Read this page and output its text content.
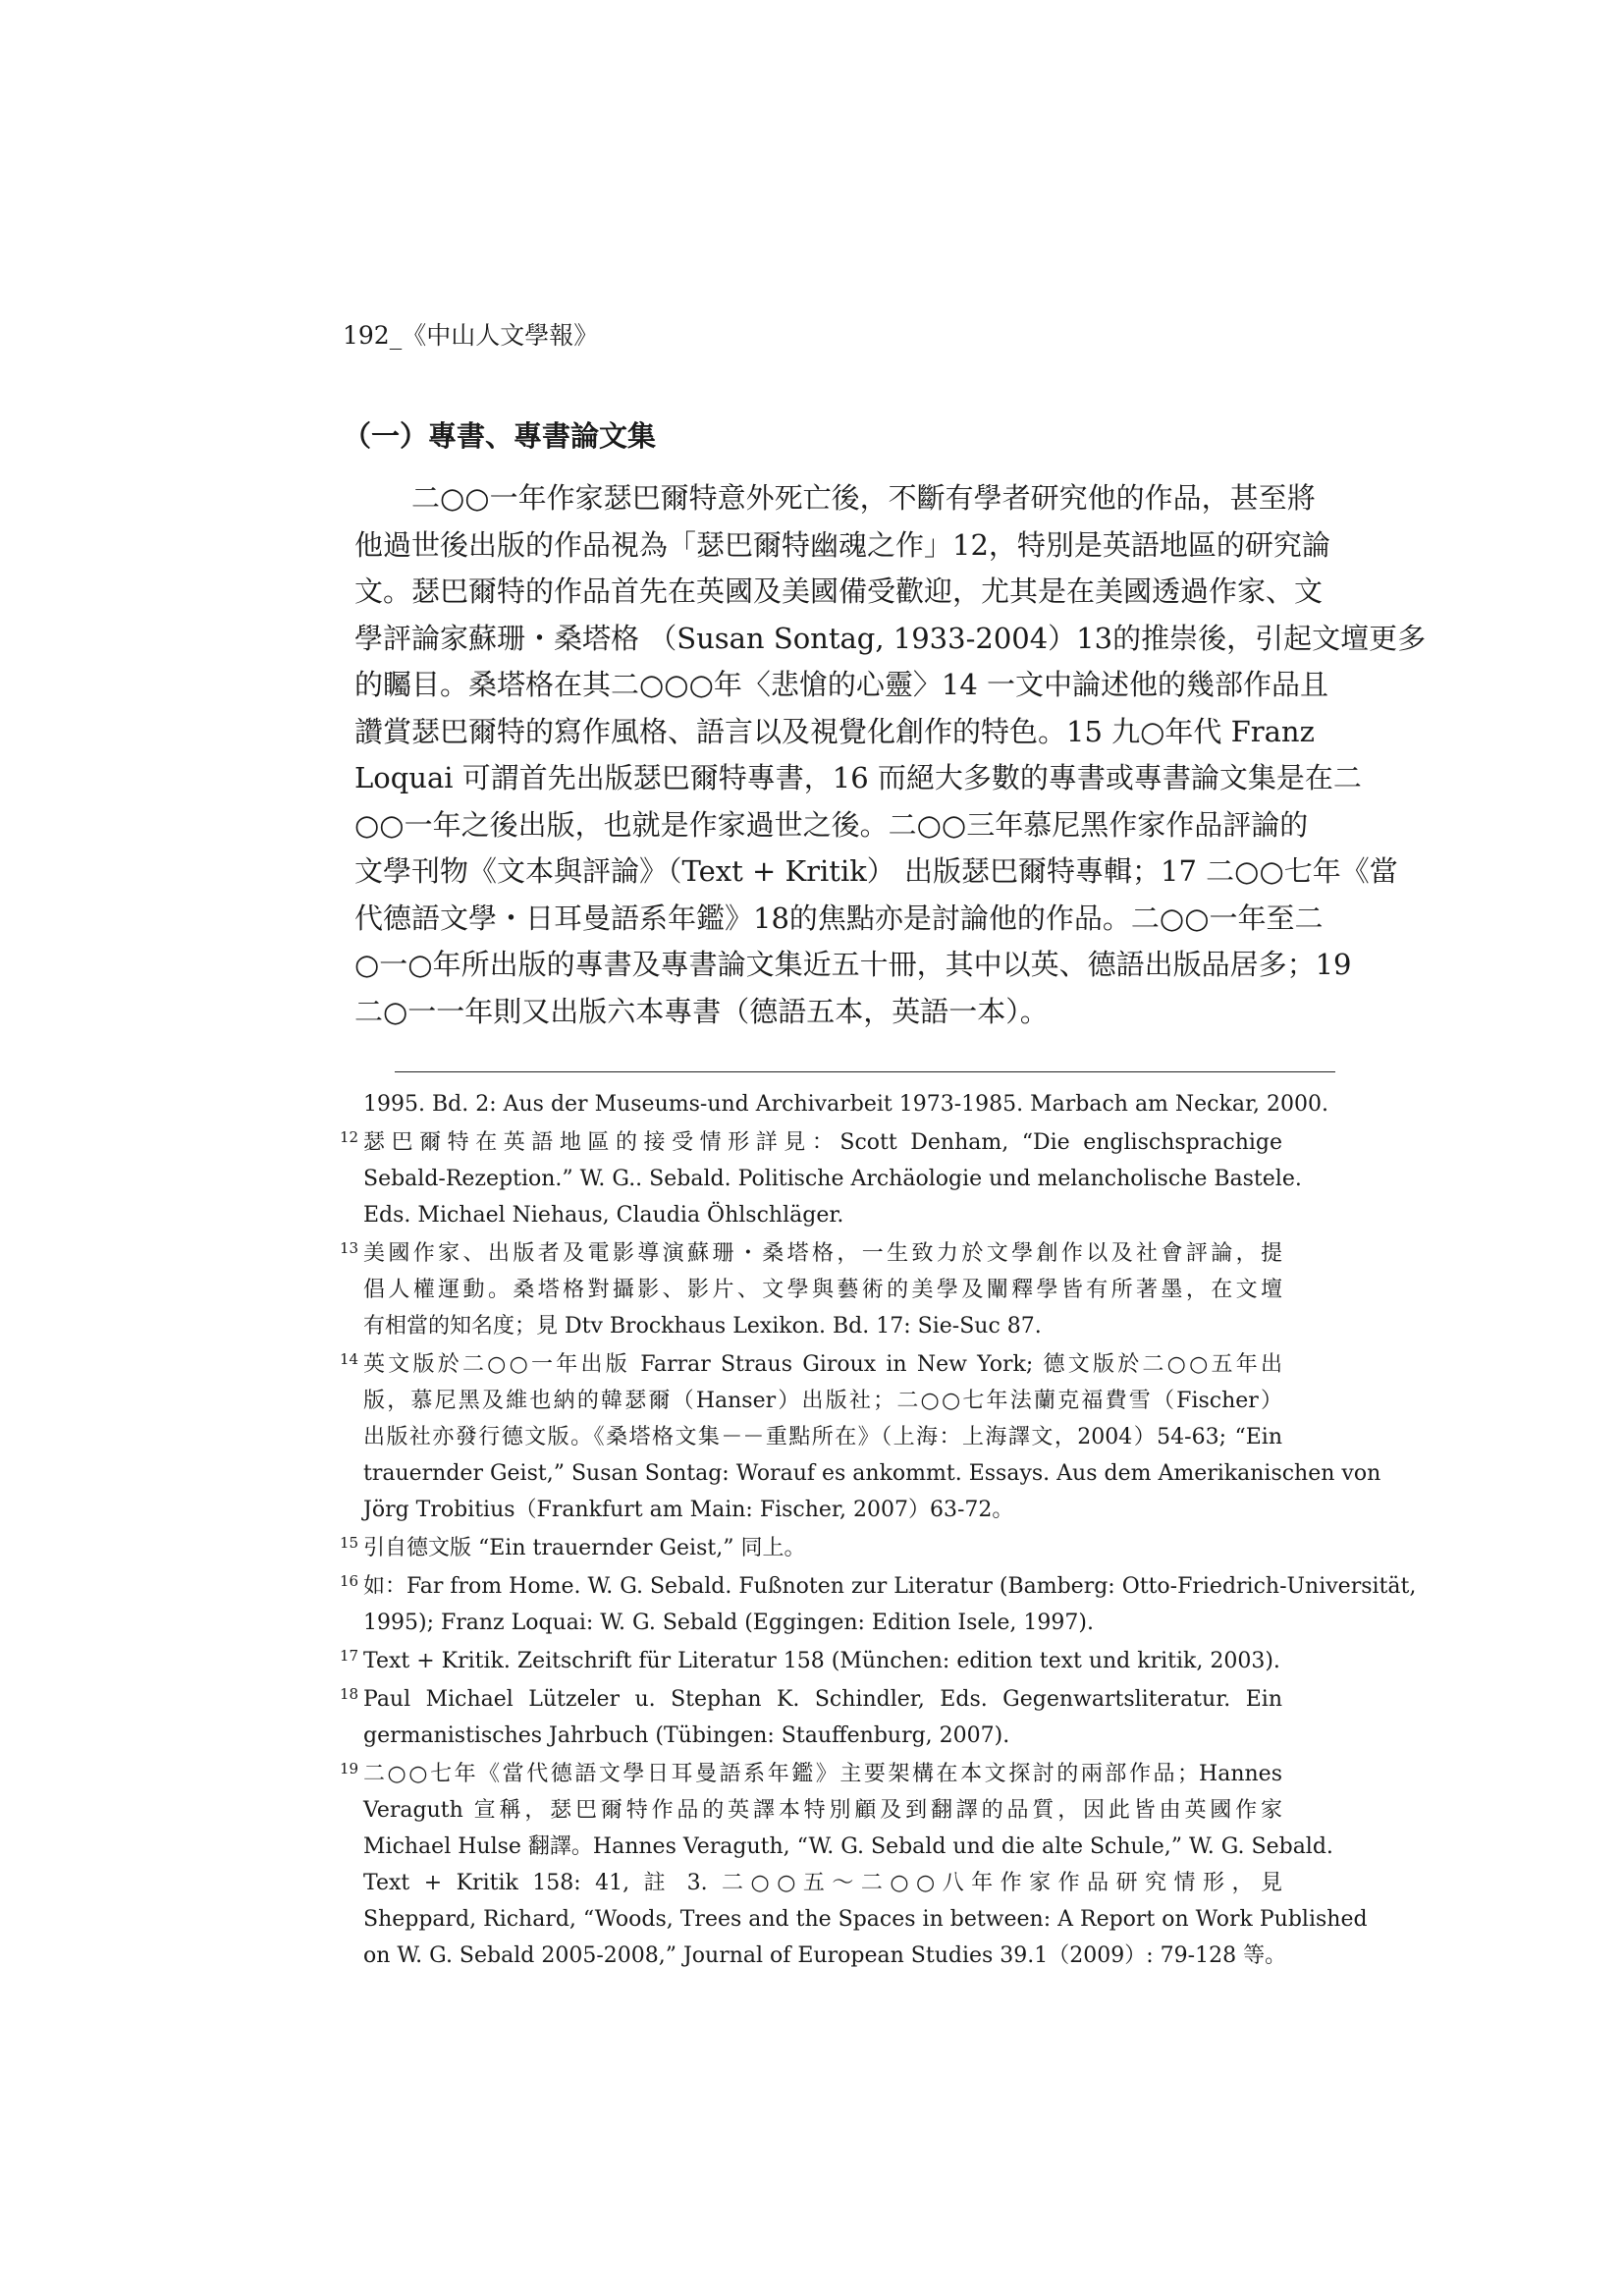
192_《中山人文學報》
（一）專書、專書論文集
二○○一年作家瑟巴爾特意外死亡後，不斷有學者研究他的作品，甚至將
他過世後出版的作品視為「瑟巴爾特幽魂之作」12，特別是英語地區的研究論
文。瑟巴爾特的作品首先在英國及美國備受歡迎，尤其是在美國透過作家、文
學評論家蘇珊・桑塔格 （Susan Sontag, 1933-2004）13的推崇後，引起文壇更多
的矚目。桑塔格在其二○○○年〈悲愴的心靈〉14 一文中論述他的幾部作品且
讚賞瑟巴爾特的寫作風格、語言以及視覺化創作的特色。15 九○年代 Franz
Loquai 可謂首先出版瑟巴爾特專書，16 而絕大多數的專書或專書論文集是在二
○○一年之後出版，也就是作家過世之後。二○○三年慕尼黑作家作品評論的
文學刊物《文本與評論》（Text + Kritik） 出版瑟巴爾特專輯；17 二○○七年《當
代德語文學・日耳曼語系年鑑》18的焦點亦是討論他的作品。二○○一年至二
○一○年所出版的專書及專書論文集近五十冊，其中以英、德語出版品居多；19
二○一一年則又出版六本專書（德語五本，英語一本）。
1995. Bd. 2: Aus der Museums-und Archivarbeit 1973-1985. Marbach am Neckar, 2000.
12 瑟巴爾特在英語地區的接受情形詳見：Scott Denham, “Die englischsprachige
Sebald-Rezeption.” W. G.. Sebald. Politische Archäologie und melancholische Bastele.
Eds. Michael Niehaus, Claudia Öhlschläger.
13 美國作家、出版者及電影導演蘇珊・桑塔格，一生致力於文學創作以及社會評論，提
倡人權運動。桑塔格對攝影、影片、文學與藝術的美學及闡釋學皆有所著墨，在文壇
有相當的知名度；見 Dtv Brockhaus Lexikon. Bd. 17: Sie-Suc 87.
14 英文版於二○○一年出版 Farrar Straus Giroux in New York; 德文版於二○○五年出
版，慕尼黑及維也納的韓瑟爾（Hanser）出版社；二○○七年法蘭克福費雪（Fischer）
出版社亦發行德文版。《桑塔格文集－－重點所在》（上海：上海譯文，2004）54-63; “Ein
trauernder Geist,” Susan Sontag: Worauf es ankommt. Essays. Aus dem Amerikanischen von
Jörg Trobitius（Frankfurt am Main: Fischer, 2007）63-72。
15 引自德文版 “Ein trauernder Geist,” 同上。
16 如：Far from Home. W. G. Sebald. Fußnoten zur Literatur (Bamberg: Otto-Friedrich-Universität,
1995); Franz Loquai: W. G. Sebald (Eggingen: Edition Isele, 1997).
17 Text + Kritik. Zeitschrift für Literatur 158 (München: edition text und kritik, 2003).
18 Paul Michael Lützeler u. Stephan K. Schindler, Eds. Gegenwartsliteratur. Ein
germanistisches Jahrbuch (Tübingen: Stauffenburg, 2007).
19 二○○七年《當代德語文學日耳曼語系年鑑》主要架構在本文探討的兩部作品；Hannes
Veraguth 宣稱，瑟巴爾特作品的英譯本特別顧及到翻譯的品質，因此皆由英國作家
Michael Hulse 翻譯。Hannes Veraguth, “W. G. Sebald und die alte Schule,” W. G. Sebald.
Text + Kritik 158: 41, 註 3. 二○○五～二○○八年作家作品研究情形，見
Sheppard, Richard, “Woods, Trees and the Spaces in between: A Report on Work Published
on W. G. Sebald 2005-2008,” Journal of European Studies 39.1（2009）: 79-128 等。
